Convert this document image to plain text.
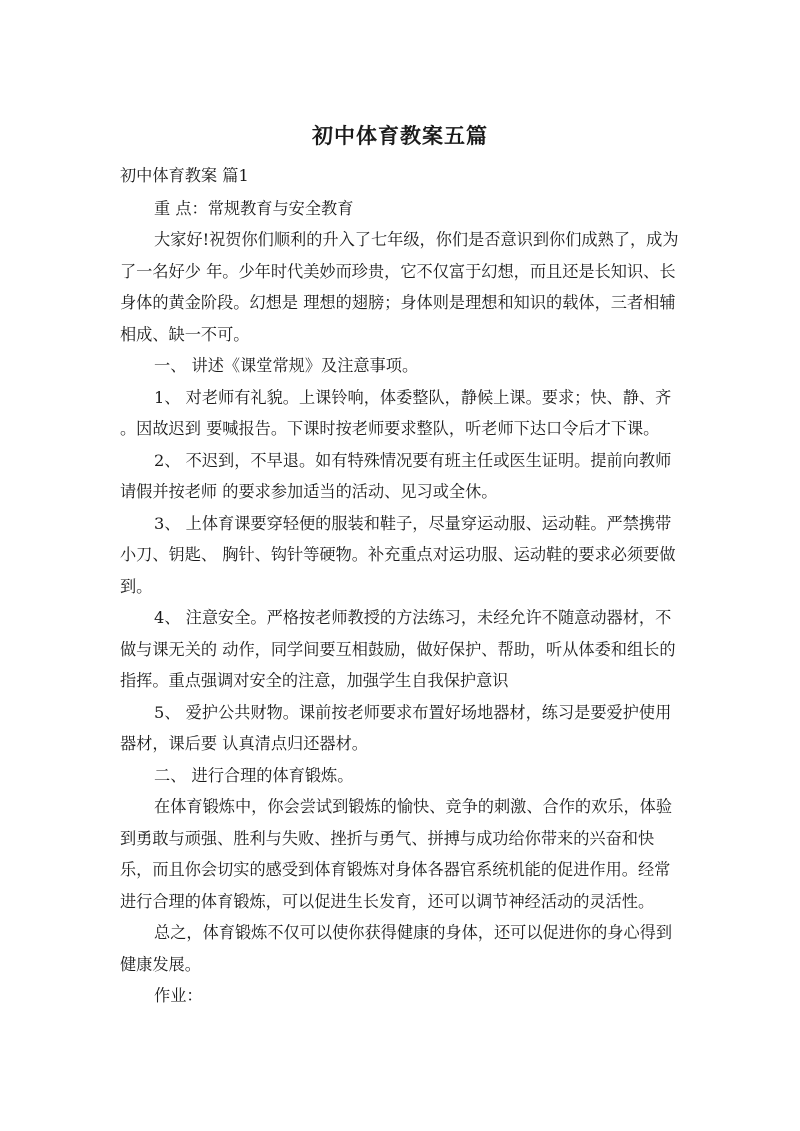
初中体育教案五篇

初中体育教案 篇1

重 点：常规教育与安全教育

大家好!祝贺你们顺利的升入了七年级，你们是否意识到你们成熟了，成为了一名好少 年。少年时代美妙而珍贵，它不仅富于幻想，而且还是长知识、长身体的黄金阶段。幻想是 理想的翅膀；身体则是理想和知识的载体，三者相辅相成、缺一不可。

一、 讲述《课堂常规》及注意事项。

1、 对老师有礼貌。上课铃响，体委整队，静候上课。要求；快、静、齐 。因故迟到 要喊报告。下课时按老师要求整队，听老师下达口令后才下课。

2、 不迟到，不早退。如有特殊情况要有班主任或医生证明。提前向教师请假并按老师 的要求参加适当的活动、见习或全休。

3、 上体育课要穿轻便的服装和鞋子，尽量穿运动服、运动鞋。严禁携带小刀、钥匙、 胸针、钩针等硬物。补充重点对运功服、运动鞋的要求必须要做到。

4、 注意安全。严格按老师教授的方法练习，未经允许不随意动器材，不做与课无关的 动作，同学间要互相鼓励，做好保护、帮助，听从体委和组长的指挥。重点强调对安全的注意，加强学生自我保护意识

5、 爱护公共财物。课前按老师要求布置好场地器材，练习是要爱护使用器材，课后要 认真清点归还器材。

二、 进行合理的体育锻炼。

在体育锻炼中，你会尝试到锻炼的愉快、竞争的刺激、合作的欢乐，体验到勇敢与顽强、胜利与失败、挫折与勇气、拼搏与成功给你带来的兴奋和快乐，而且你会切实的感受到体育锻炼对身体各器官系统机能的促进作用。经常进行合理的体育锻炼，可以促进生长发育，还可以调节神经活动的灵活性。

总之，体育锻炼不仅可以使你获得健康的身体，还可以促进你的身心得到健康发展。

作业：
